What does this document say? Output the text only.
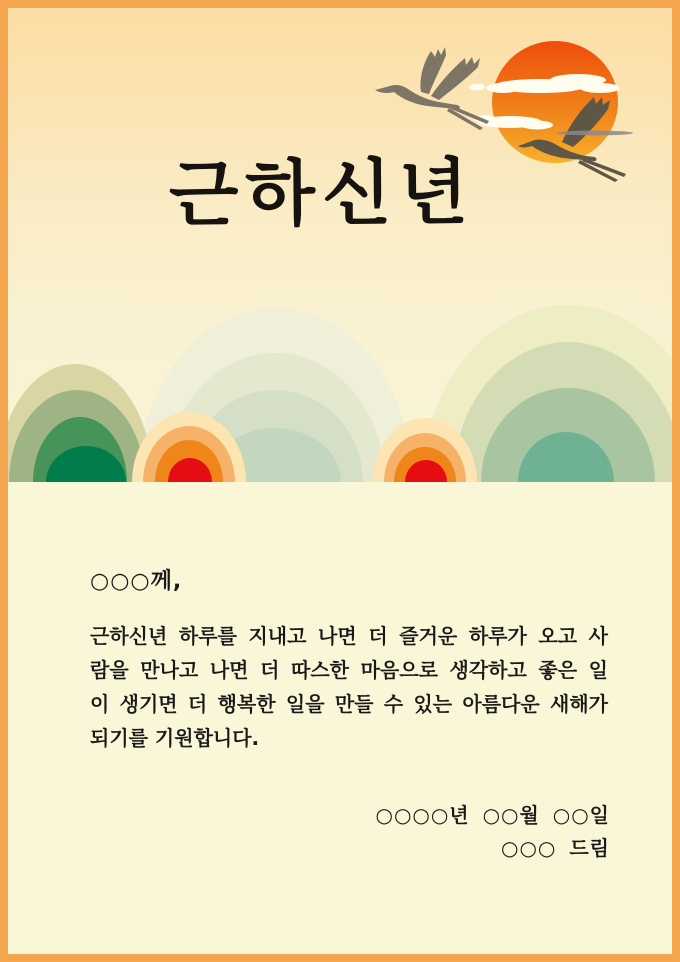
근하신년
○○○께,
근하신년 하루를 지내고 나면 더 즐거운 하루가 오고 사
람을 만나고 나면 더 따스한 마음으로 생각하고 좋은 일
이 생기면 더 행복한 일을 만들 수 있는 아름다운 새해가
되기를 기원합니다.
○○○○년 ○○월 ○○일
○○○ 드림
